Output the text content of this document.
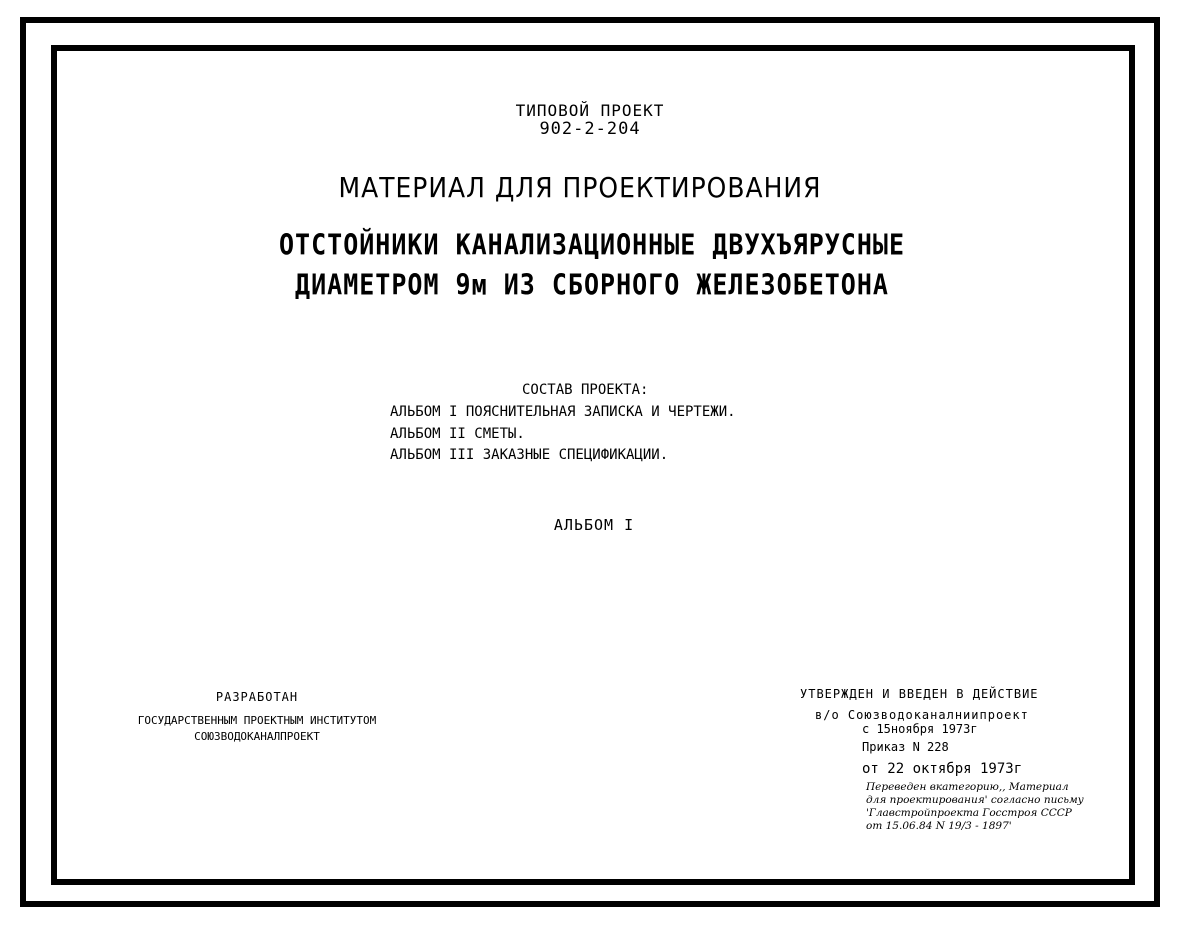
ТИПОВОЙ ПРОЕКТ
902-2-204
МАТЕРИАЛ ДЛЯ ПРОЕКТИРОВАНИЯ
ОТСТОЙНИКИ КАНАЛИЗАЦИОННЫЕ ДВУХЪЯРУСНЫЕ
ДИАМЕТРОМ 9м ИЗ СБОРНОГО ЖЕЛЕЗОБЕТОНА
СОСТАВ ПРОЕКТА:
АЛЬБОМ I ПОЯСНИТЕЛЬНАЯ ЗАПИСКА И ЧЕРТЕЖИ.
АЛЬБОМ II СМЕТЫ.
АЛЬБОМ III ЗАКАЗНЫЕ СПЕЦИФИКАЦИИ.
АЛЬБОМ I
РАЗРАБОТАН
ГОСУДАРСТВЕННЫМ ПРОЕКТНЫМ ИНСТИТУТОМ
СОЮЗВОДОКАНАЛПРОЕКТ
УТВЕРЖДЕН И ВВЕДЕН В ДЕЙСТВИЕ
в/о Союзводоканалниипроект
с 15ноября 1973г
Приказ N 228
от 22 октября 1973г
Переведен вкатегорию,, Материал
для проектирования' согласно письму
'Главстройпроекта Госстроя СССР
от 15.06.84 N 19/3 - 1897'
